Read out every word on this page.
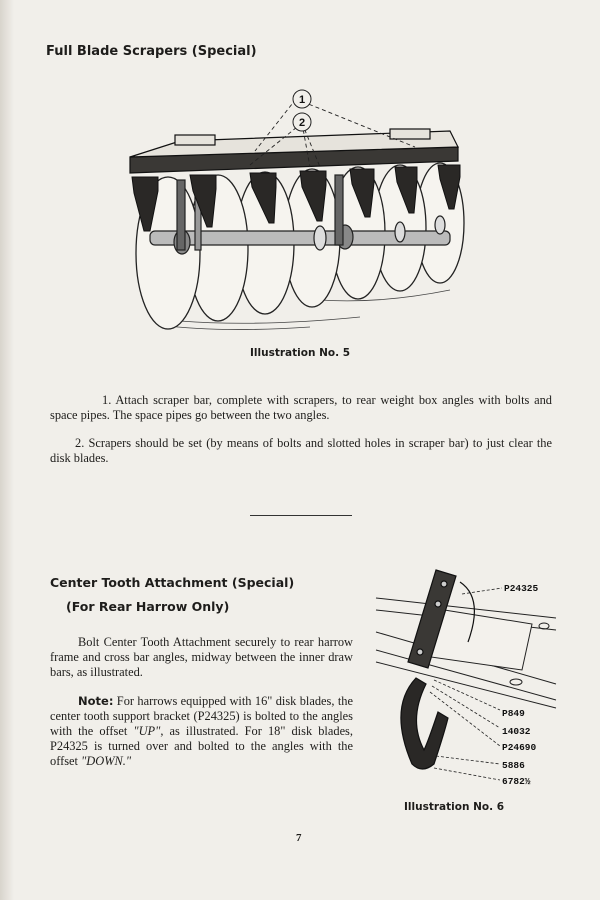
Full Blade Scrapers (Special)
1
2
Illustration No. 5
1. Attach scraper bar, complete with scrapers, to rear weight box angles with bolts and space pipes. The space pipes go between the two angles.
2. Scrapers should be set (by means of bolts and slotted holes in scraper bar) to just clear the disk blades.
Center Tooth Attachment (Special)
(For Rear Harrow Only)
Bolt Center Tooth Attachment securely to rear harrow frame and cross bar angles, midway between the inner draw bars, as illustrated.
Note: For harrows equipped with 16" disk blades, the center tooth support bracket (P24325) is bolted to the angles with the offset "UP", as illustrated. For 18" disk blades, P24325 is turned over and bolted to the angles with the offset "DOWN."
P24325
P849
14032
P24690
5886
6782½
Illustration No. 6
7
